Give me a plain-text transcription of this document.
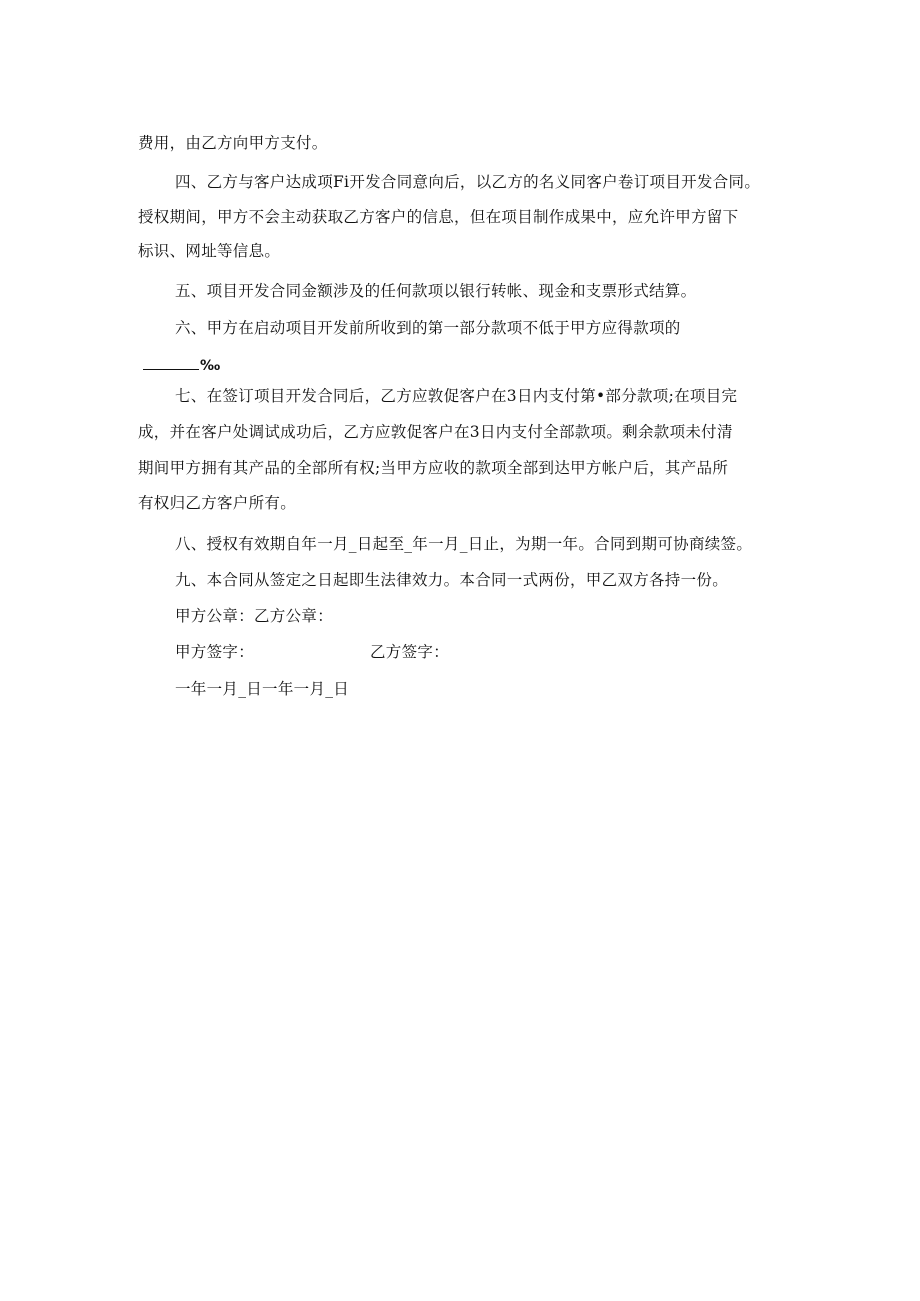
费用，由乙方向甲方支付。
四、乙方与客户达成项Fi开发合同意向后，以乙方的名义同客户卷订项目开发合同。
授权期间，甲方不会主动获取乙方客户的信息，但在项目制作成果中，应允许甲方留下
标识、网址等信息。
五、项目开发合同金额涉及的任何款项以银行转帐、现金和支票形式结算。
六、甲方在启动项目开发前所收到的第一部分款项不低于甲方应得款项的
‰
七、在签订项目开发合同后，乙方应敦促客户在3日内支付第•部分款项;在项目完
成，并在客户处调试成功后，乙方应敦促客户在3日内支付全部款项。剩余款项未付清
期间甲方拥有其产品的全部所有权;当甲方应收的款项全部到达甲方帐户后，其产品所
有权归乙方客户所有。
八、授权有效期自年一月_日起至_年一月_日止，为期一年。合同到期可协商续签。
九、本合同从签定之日起即生法律效力。本合同一式两份，甲乙双方各持一份。
甲方公章：乙方公章：
甲方签字：	乙方签字：
一年一月_日一年一月_日
